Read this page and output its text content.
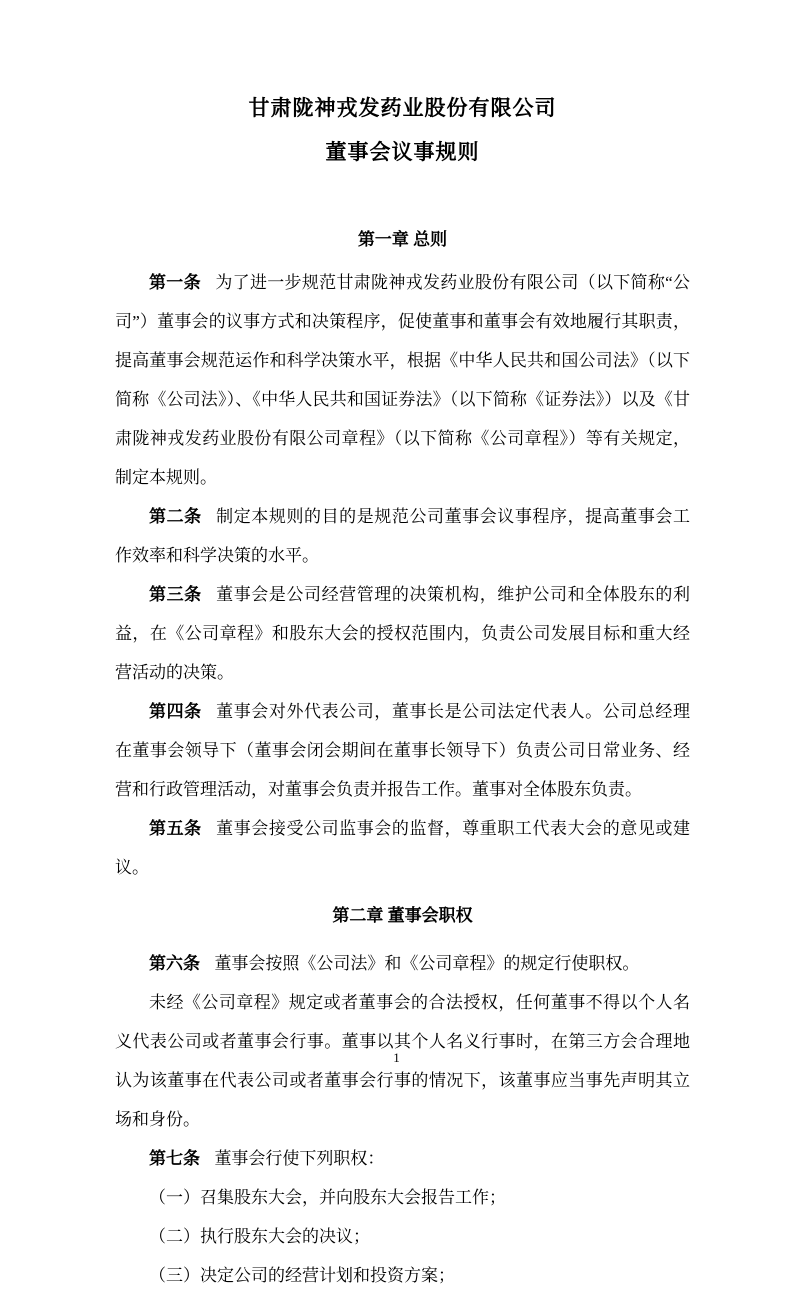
甘肃陇神戎发药业股份有限公司
董事会议事规则
第一章 总则

第一条 为了进一步规范甘肃陇神戎发药业股份有限公司（以下简称“公司”）董事会的议事方式和决策程序，促使董事和董事会有效地履行其职责，提高董事会规范运作和科学决策水平，根据《中华人民共和国公司法》（以下简称《公司法》）、《中华人民共和国证券法》（以下简称《证券法》）以及《甘肃陇神戎发药业股份有限公司章程》（以下简称《公司章程》）等有关规定，制定本规则。

第二条 制定本规则的目的是规范公司董事会议事程序，提高董事会工作效率和科学决策的水平。

第三条 董事会是公司经营管理的决策机构，维护公司和全体股东的利益，在《公司章程》和股东大会的授权范围内，负责公司发展目标和重大经营活动的决策。

第四条 董事会对外代表公司，董事长是公司法定代表人。公司总经理在董事会领导下（董事会闭会期间在董事长领导下）负责公司日常业务、经营和行政管理活动，对董事会负责并报告工作。董事对全体股东负责。

第五条 董事会接受公司监事会的监督，尊重职工代表大会的意见或建议。

第二章 董事会职权

第六条 董事会按照《公司法》和《公司章程》的规定行使职权。

未经《公司章程》规定或者董事会的合法授权，任何董事不得以个人名义代表公司或者董事会行事。董事以其个人名义行事时，在第三方会合理地认为该董事在代表公司或者董事会行事的情况下，该董事应当事先声明其立场和身份。

第七条 董事会行使下列职权：

（一）召集股东大会，并向股东大会报告工作；

（二）执行股东大会的决议；

（三）决定公司的经营计划和投资方案；

1
